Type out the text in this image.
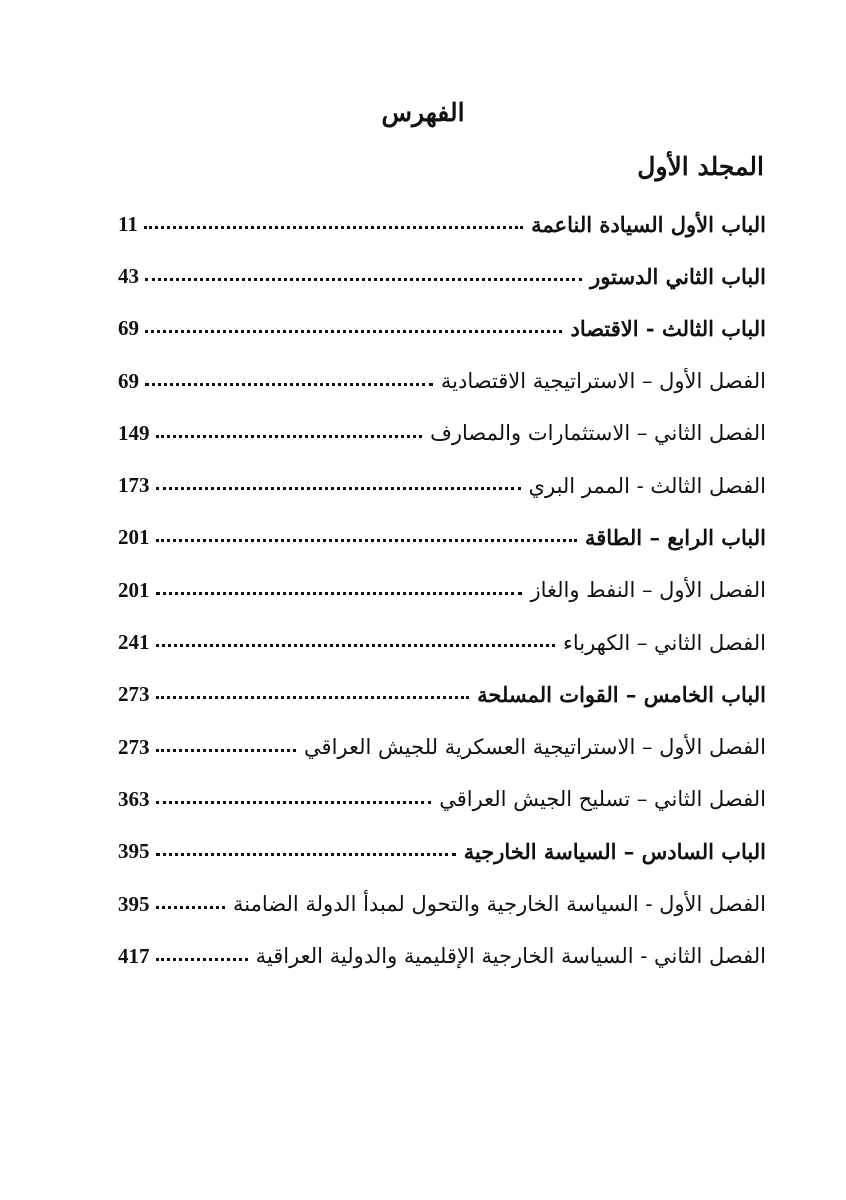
الفهرس
المجلد الأول
الباب الأول السيادة الناعمة
11
الباب الثاني الدستور
43
الباب الثالث - الاقتصاد
69
الفصل الأول – الاستراتيجية الاقتصادية
69
الفصل الثاني – الاستثمارات والمصارف
149
الفصل الثالث - الممر البري
173
الباب الرابع – الطاقة
201
الفصل الأول – النفط والغاز
201
الفصل الثاني – الكهرباء
241
الباب الخامس – القوات المسلحة
273
الفصل الأول – الاستراتيجية العسكرية للجيش العراقي
273
الفصل الثاني – تسليح الجيش العراقي
363
الباب السادس – السياسة الخارجية
395
الفصل الأول - السياسة الخارجية والتحول لمبدأ الدولة الضامنة
395
الفصل الثاني - السياسة الخارجية الإقليمية والدولية العراقية
417
